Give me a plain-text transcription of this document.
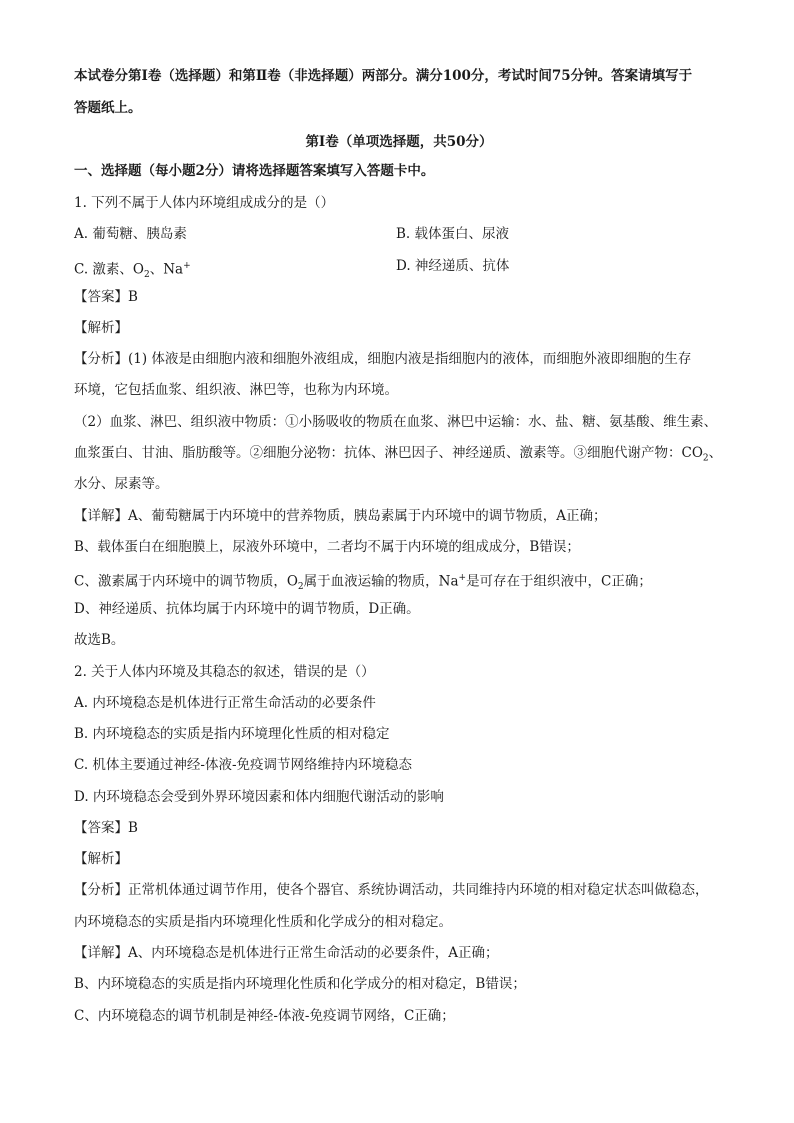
本试卷分第Ⅰ卷（选择题）和第Ⅱ卷（非选择题）两部分。满分100分，考试时间75分钟。答案请填写于
答题纸上。
第Ⅰ卷（单项选择题，共50分）
一、选择题（每小题2分）请将选择题答案填写入答题卡中。
1. 下列不属于人体内环境组成成分的是（）
A. 葡萄糖、胰岛素	B. 载体蛋白、尿液
C. 激素、$O_2$、Na+	D. 神经递质、抗体
【答案】B
【解析】
【分析】(1) 体液是由细胞内液和细胞外液组成，细胞内液是指细胞内的液体，而细胞外液即细胞的生存
环境，它包括血浆、组织液、淋巴等，也称为内环境。
（2）血浆、淋巴、组织液中物质：①小肠吸收的物质在血浆、淋巴中运输：水、盐、糖、氨基酸、维生素、
血浆蛋白、甘油、脂肪酸等。②细胞分泌物：抗体、淋巴因子、神经递质、激素等。③细胞代谢产物：$CO_2$、
水分、尿素等。
【详解】A、葡萄糖属于内环境中的营养物质，胰岛素属于内环境中的调节物质，A正确；
B、载体蛋白在细胞膜上，尿液外环境中，二者均不属于内环境的组成成分，B错误；
C、激素属于内环境中的调节物质，$O_2$属于血液运输的物质，Na+是可存在于组织液中，C正确；
D、神经递质、抗体均属于内环境中的调节物质，D正确。
故选B。
2. 关于人体内环境及其稳态的叙述，错误的是（）
A. 内环境稳态是机体进行正常生命活动的必要条件
B. 内环境稳态的实质是指内环境理化性质的相对稳定
C. 机体主要通过神经-体液-免疫调节网络维持内环境稳态
D. 内环境稳态会受到外界环境因素和体内细胞代谢活动的影响
【答案】B
【解析】
【分析】正常机体通过调节作用，使各个器官、系统协调活动，共同维持内环境的相对稳定状态叫做稳态，
内环境稳态的实质是指内环境理化性质和化学成分的相对稳定。
【详解】A、内环境稳态是机体进行正常生命活动的必要条件，A正确；
B、内环境稳态的实质是指内环境理化性质和化学成分的相对稳定，B错误；
C、内环境稳态的调节机制是神经-体液-免疫调节网络，C正确；
